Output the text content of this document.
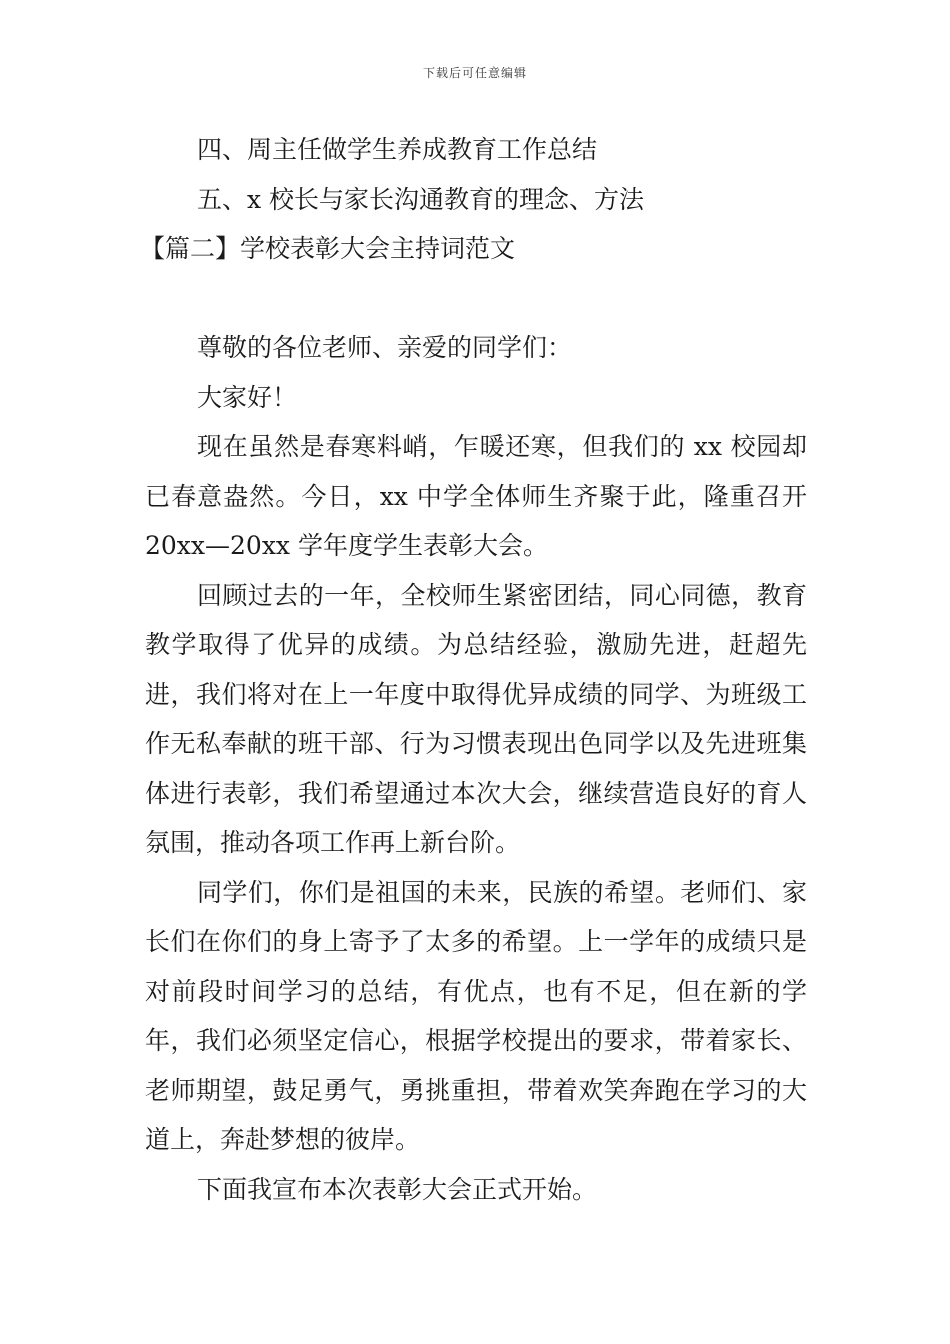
下载后可任意编辑

四、周主任做学生养成教育工作总结

五、x 校长与家长沟通教育的理念、方法

【篇二】学校表彰大会主持词范文

尊敬的各位老师、亲爱的同学们：

大家好！

现在虽然是春寒料峭，乍暖还寒，但我们的 xx 校园却已春意盎然。今日，xx 中学全体师生齐聚于此，隆重召开 20xx—20xx 学年度学生表彰大会。

回顾过去的一年，全校师生紧密团结，同心同德，教育教学取得了优异的成绩。为总结经验，激励先进，赶超先进，我们将对在上一年度中取得优异成绩的同学、为班级工作无私奉献的班干部、行为习惯表现出色同学以及先进班集体进行表彰，我们希望通过本次大会，继续营造良好的育人氛围，推动各项工作再上新台阶。

同学们，你们是祖国的未来，民族的希望。老师们、家长们在你们的身上寄予了太多的希望。上一学年的成绩只是对前段时间学习的总结，有优点，也有不足，但在新的学年，我们必须坚定信心，根据学校提出的要求，带着家长、老师期望，鼓足勇气，勇挑重担，带着欢笑奔跑在学习的大道上，奔赴梦想的彼岸。

下面我宣布本次表彰大会正式开始。
